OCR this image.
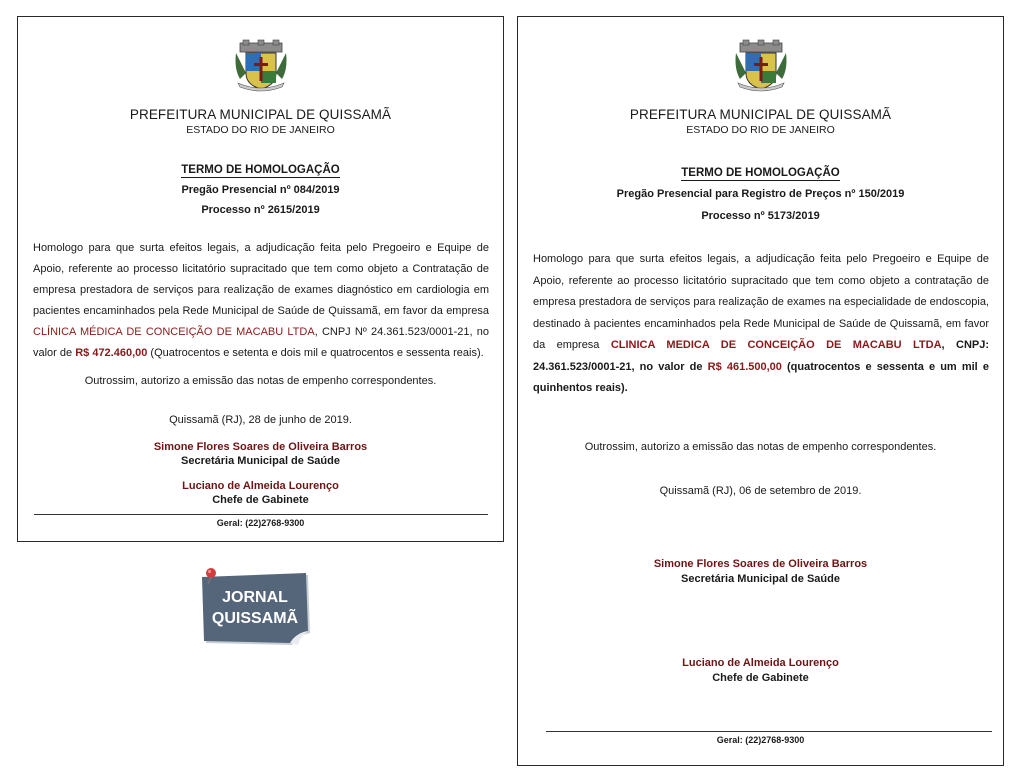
PREFEITURA MUNICIPAL DE QUISSAMÃ
ESTADO DO RIO DE JANEIRO
TERMO DE HOMOLOGAÇÃO
Pregão Presencial nº 084/2019
Processo nº 2615/2019
Homologo para que surta efeitos legais, a adjudicação feita pelo Pregoeiro e Equipe de Apoio, referente ao processo licitatório supracitado que tem como objeto a Contratação de empresa prestadora de serviços para realização de exames diagnóstico em cardiologia em pacientes encaminhados pela Rede Municipal de Saúde de Quissamã, em favor da empresa CLÍNICA MÉDICA DE CONCEIÇÃO DE MACABU LTDA, CNPJ Nº 24.361.523/0001-21, no valor de R$ 472.460,00 (Quatrocentos e setenta e dois mil e quatrocentos e sessenta reais).
Outrossim, autorizo a emissão das notas de empenho correspondentes.
Quissamã (RJ), 28 de junho de 2019.
Simone Flores Soares de Oliveira Barros
Secretária Municipal de Saúde
Luciano de Almeida Lourenço
Chefe de Gabinete
Geral: (22)2768-9300
PREFEITURA MUNICIPAL DE QUISSAMÃ
ESTADO DO RIO DE JANEIRO
TERMO DE HOMOLOGAÇÃO
Pregão Presencial para Registro de Preços nº 150/2019
Processo nº 5173/2019
Homologo para que surta efeitos legais, a adjudicação feita pelo Pregoeiro e Equipe de Apoio, referente ao processo licitatório supracitado que tem como objeto a contratação de empresa prestadora de serviços para realização de exames na especialidade de endoscopia, destinado à pacientes encaminhados pela Rede Municipal de Saúde de Quissamã, em favor da empresa CLINICA MEDICA DE CONCEIÇÃO DE MACABU LTDA, CNPJ: 24.361.523/0001-21, no valor de R$ 461.500,00 (quatrocentos e sessenta e um mil e quinhentos reais).
Outrossim, autorizo a emissão das notas de empenho correspondentes.
Quissamã (RJ), 06 de setembro de 2019.
Simone Flores Soares de Oliveira Barros
Secretária Municipal de Saúde
Luciano de Almeida Lourenço
Chefe de Gabinete
Geral: (22)2768-9300
JORNAL
QUISSAMÃ
